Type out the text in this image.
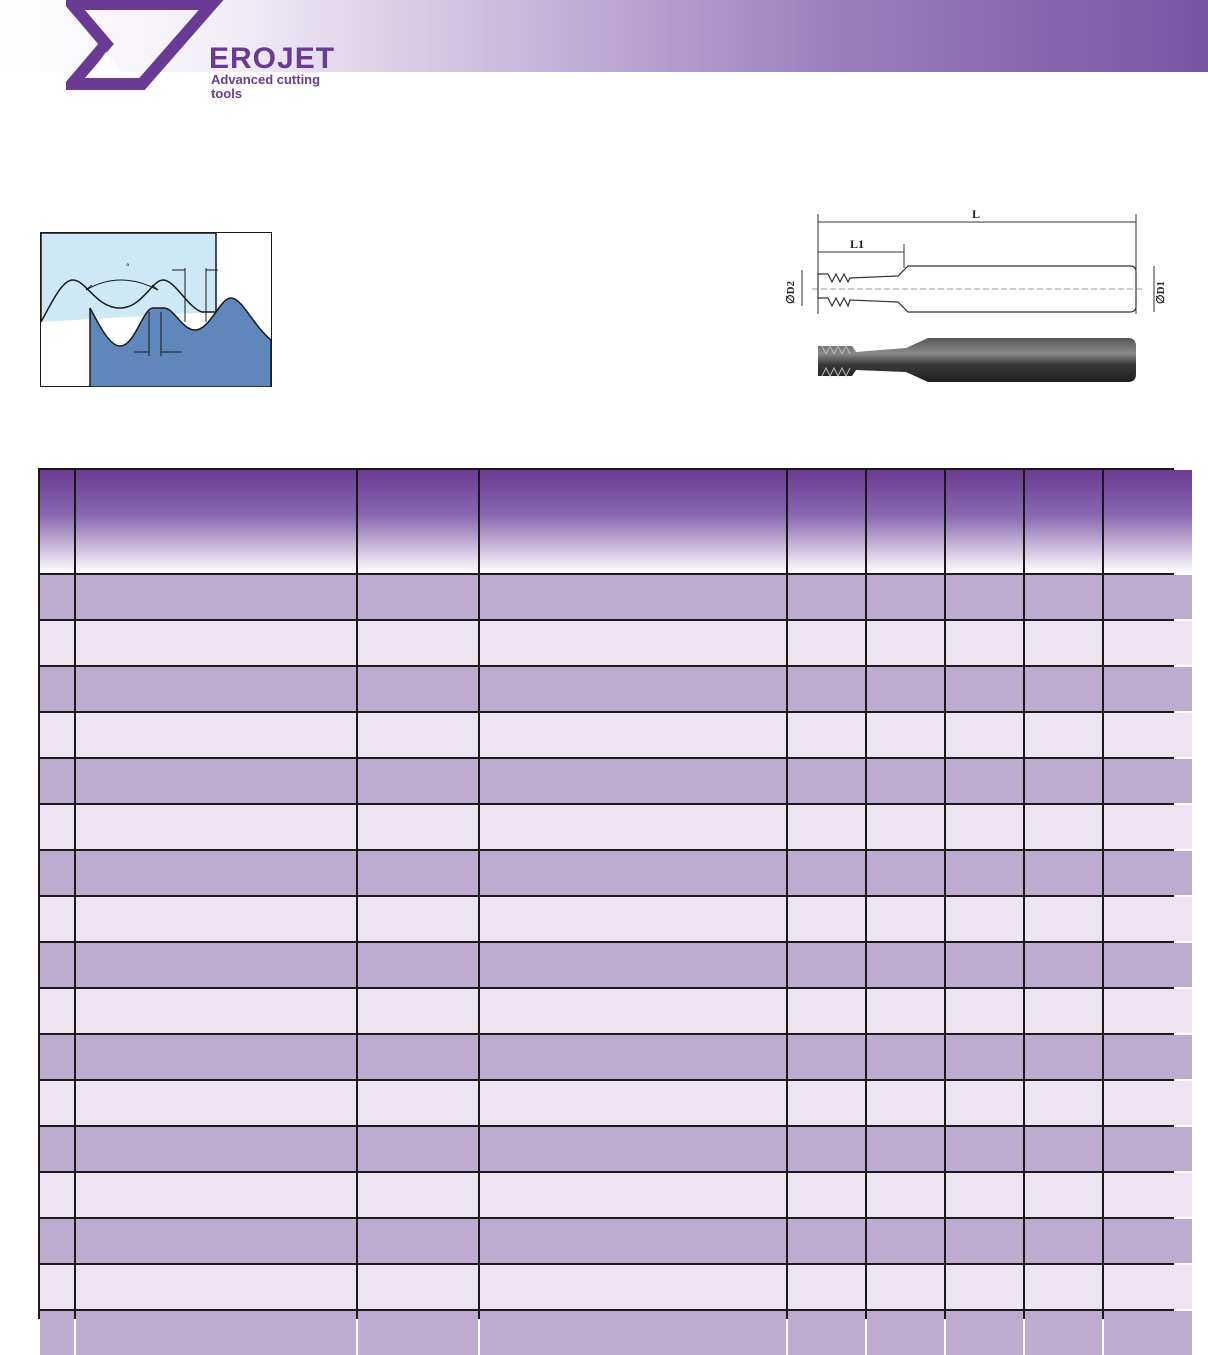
EROJET
Advanced cutting tools
°
L
L1
∅D2	∅D1
